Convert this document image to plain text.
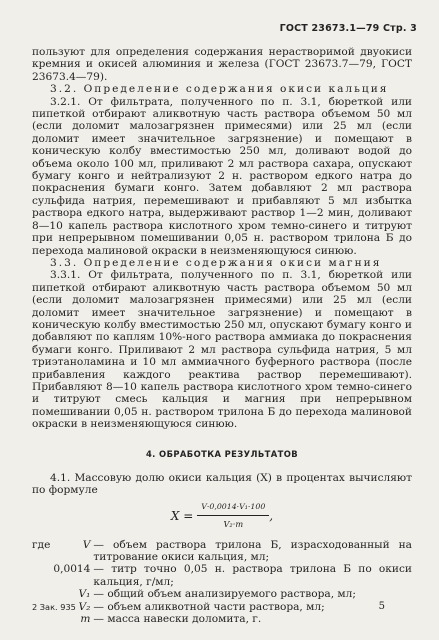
ГОСТ 23673.1—79 Стр. 3

пользуют для определения содержания нерастворимой двуокиси кремния и окисей алюминия и железа (ГОСТ 23673.7—79, ГОСТ 23673.4—79).

3.2. Определение содержания окиси кальция

3.2.1. От фильтрата, полученного по п. 3.1, бюреткой или пипеткой отбирают аликвотную часть раствора объемом 50 мл (если доломит малозагрязнен примесями) или 25 мл (если доломит имеет значительное загрязнение) и помещают в коническую колбу вместимостью 250 мл, доливают водой до объема около 100 мл, приливают 2 мл раствора сахара, опускают бумагу конго и нейтрализуют 2 н. раствором едкого натра до покраснения бумаги конго. Затем добавляют 2 мл раствора сульфида натрия, перемешивают и прибавляют 5 мл избытка раствора едкого натра, выдерживают раствор 1—2 мин, доливают 8—10 капель раствора кислотного хром темно-синего и титруют при непрерывном помешивании 0,05 н. раствором трилона Б до перехода малиновой окраски в неизменяющуюся синюю.

3.3. Определение содержания окиси магния

3.3.1. От фильтрата, полученного по п. 3.1, бюреткой или пипеткой отбирают аликвотную часть раствора объемом 50 мл (если доломит малозагрязнен примесями) или 25 мл (если доломит имеет значительное загрязнение) и помещают в коническую колбу вместимостью 250 мл, опускают бумагу конго и добавляют по каплям 10%-ного раствора аммиака до покраснения бумаги конго. Приливают 2 мл раствора сульфида натрия, 5 мл триэтаноламина и 10 мл аммиачного буферного раствора (после прибавления каждого реактива раствор перемешивают). Прибавляют 8—10 капель раствора кислотного хром темно-синего и титруют смесь кальция и магния при непрерывном помешивании 0,05 н. раствором трилона Б до перехода малиновой окраски в неизменяющуюся синюю.

4. ОБРАБОТКА РЕЗУЛЬТАТОВ

4.1. Массовую долю окиси кальция (X) в процентах вычисляют по формуле

$X = \frac{\text{V·0,0014·V₁·100}}{\text{V₂·m}}$ ,
где	V	— объем раствора трилона Б, израсходованный на титрование окиси кальция, мл;
	0,0014	— титр точно 0,05 н. раствора трилона Б по окиси кальция, г/мл;
	V₁	— общий объем анализируемого раствора, мл;
	V₂	— объем аликвотной части раствора, мл;
	m	— масса навески доломита, г.
2 Зак. 935	5
